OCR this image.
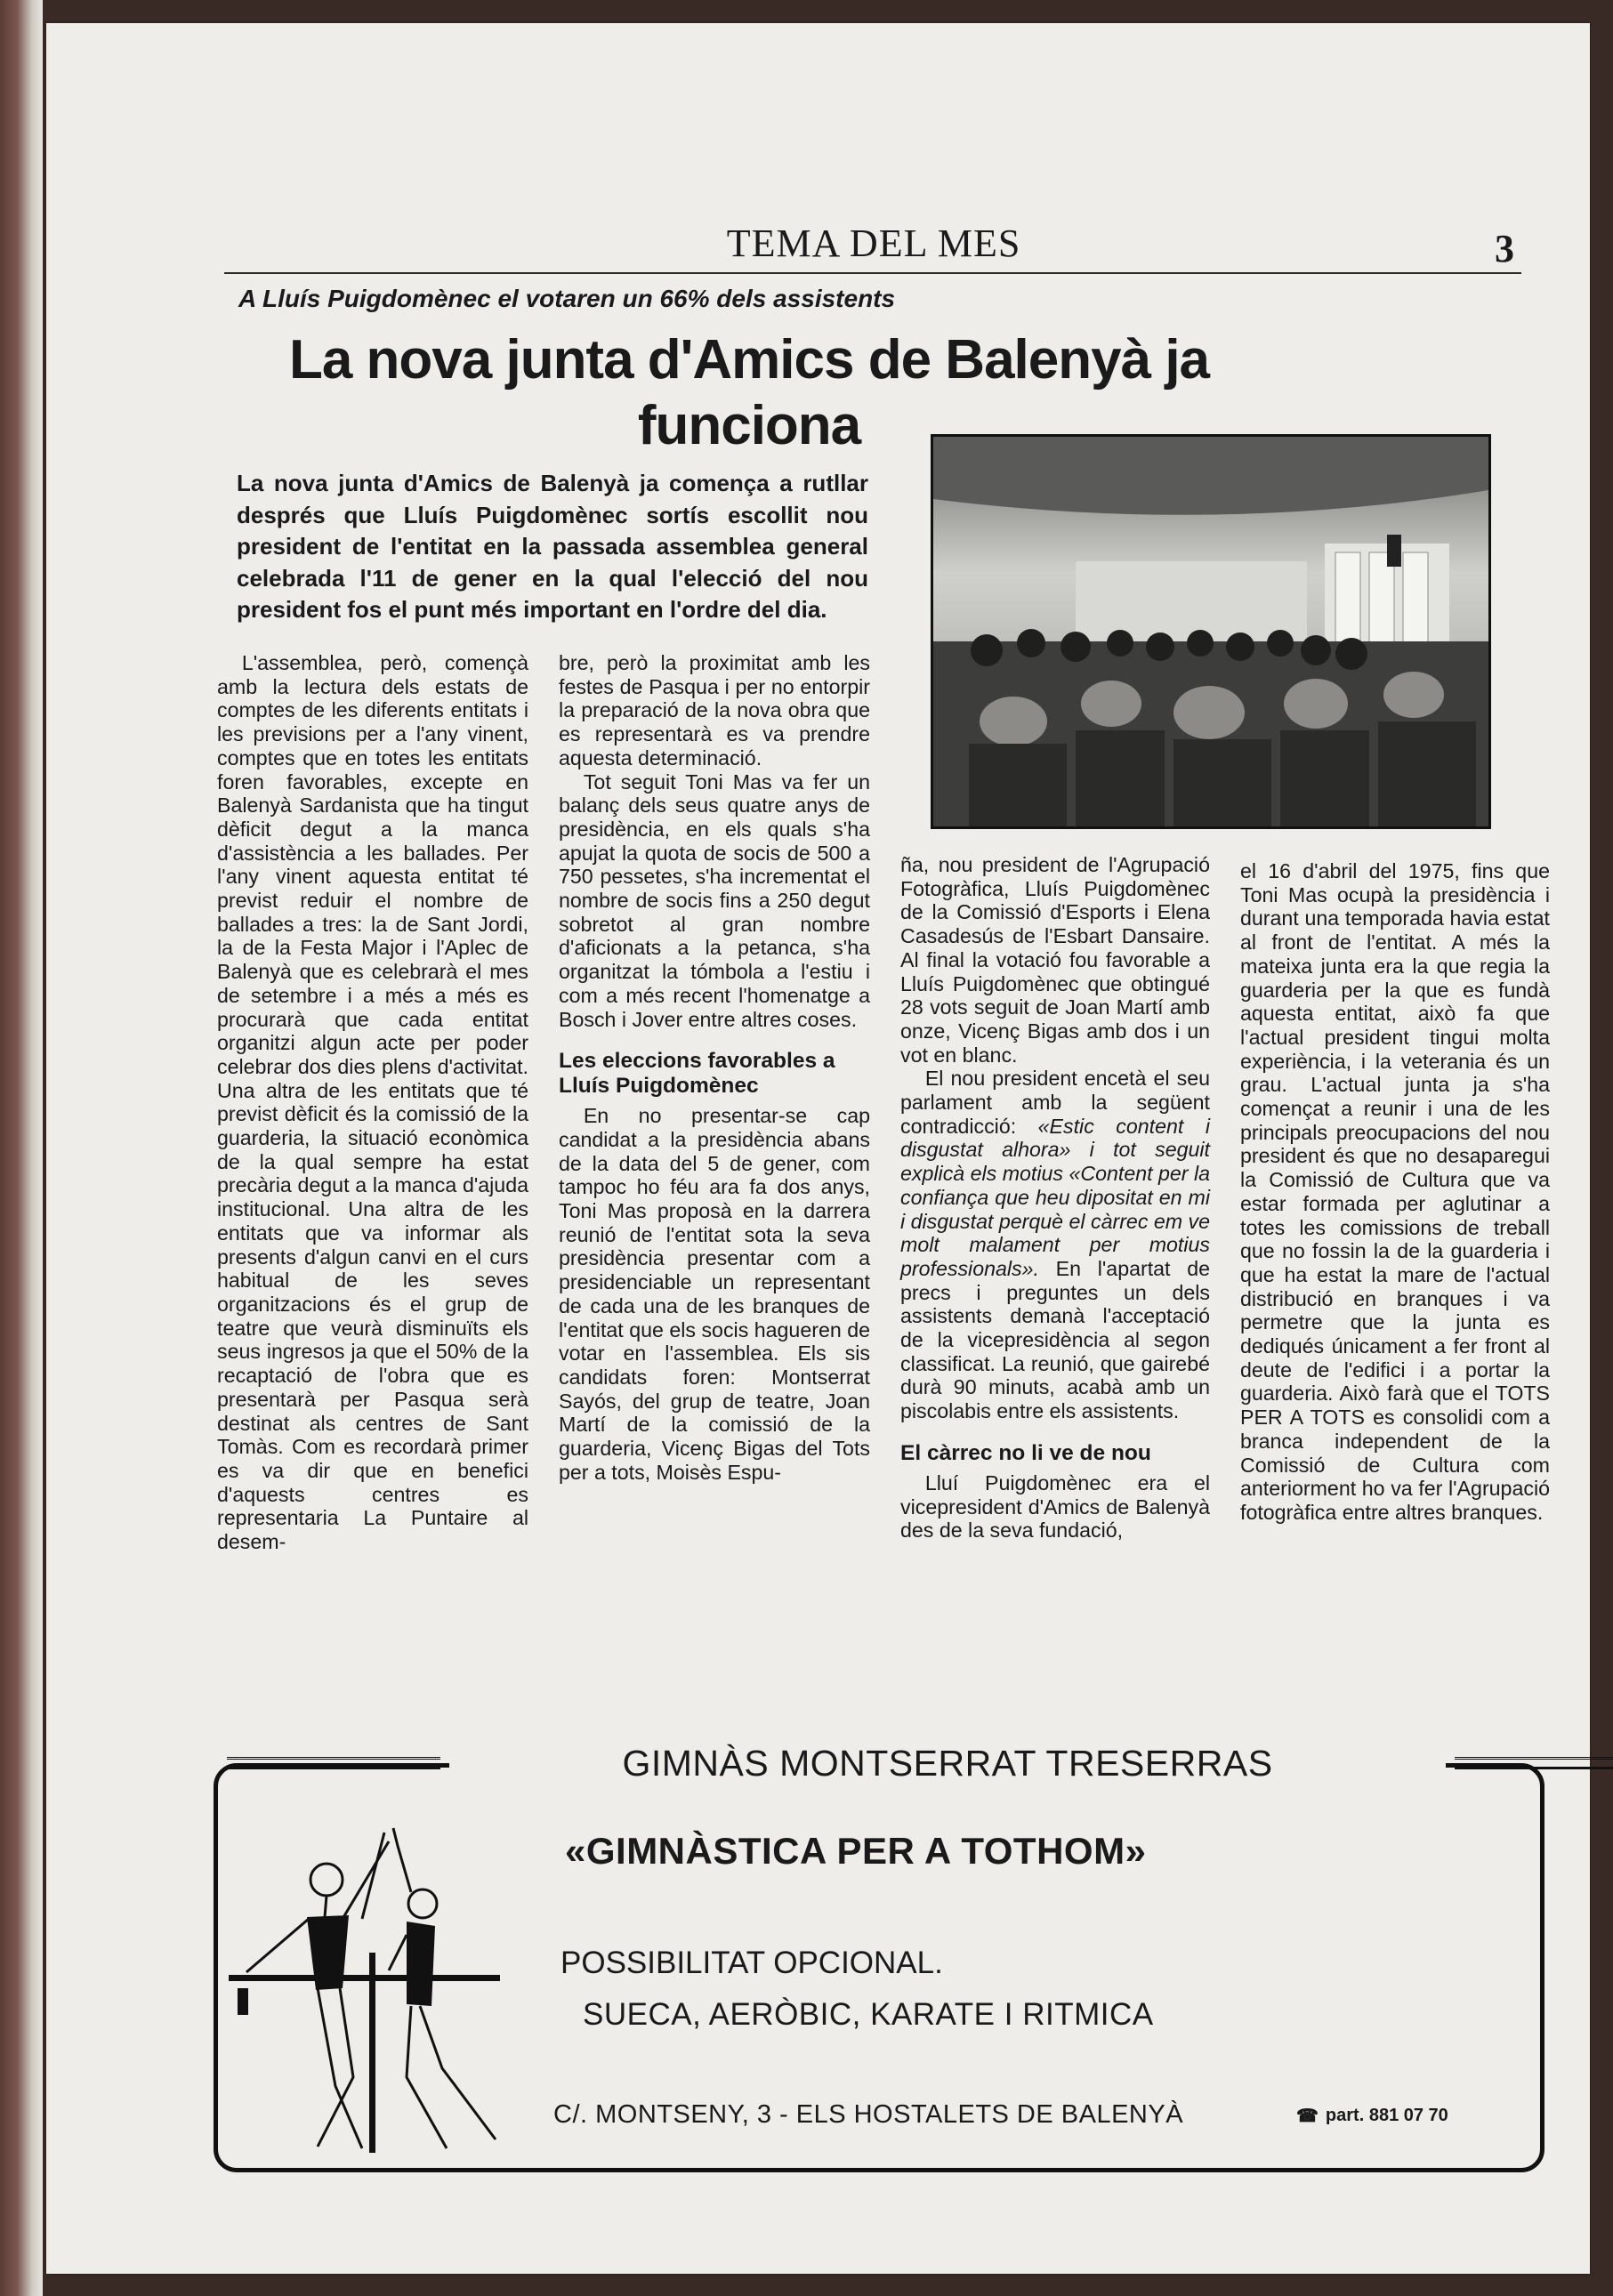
TEMA DEL MES	3
A Lluís Puigdomènec el votaren un 66% dels assistents
La nova junta d'Amics de Balenyà ja funciona
La nova junta d'Amics de Balenyà ja comença a rutllar després que Lluís Puigdomènec sortís escollit nou president de l'entitat en la passada assemblea general celebrada l'11 de gener en la qual l'elecció del nou president fos el punt més important en l'ordre del dia.

L'assemblea, però, començà amb la lectura dels estats de comptes de les diferents entitats i les previsions per a l'any vinent, comptes que en totes les entitats foren favorables, excepte en Balenyà Sardanista que ha tingut dèficit degut a la manca d'assistència a les ballades. Per l'any vinent aquesta entitat té previst reduir el nombre de ballades a tres: la de Sant Jordi, la de la Festa Major i l'Aplec de Balenyà que es celebrarà el mes de setembre i a més a més es procurarà que cada entitat organitzi algun acte per poder celebrar dos dies plens d'activitat. Una altra de les entitats que té previst dèficit és la comissió de la guarderia, la situació econòmica de la qual sempre ha estat precària degut a la manca d'ajuda institucional. Una altra de les entitats que va informar als presents d'algun canvi en el curs habitual de les seves organitzacions és el grup de teatre que veurà disminuïts els seus ingresos ja que el 50% de la recaptació de l'obra que es presentarà per Pasqua serà destinat als centres de Sant Tomàs. Com es recordarà primer es va dir que en benefici d'aquests centres es representaria La Puntaire al desem-

bre, però la proximitat amb les festes de Pasqua i per no entorpir la preparació de la nova obra que es representarà es va prendre aquesta determinació.

Tot seguit Toni Mas va fer un balanç dels seus quatre anys de presidència, en els quals s'ha apujat la quota de socis de 500 a 750 pessetes, s'ha incrementat el nombre de socis fins a 250 degut sobretot al gran nombre d'aficionats a la petanca, s'ha organitzat la tómbola a l'estiu i com a més recent l'homenatge a Bosch i Jover entre altres coses.

Les eleccions favorables a Lluís Puigdomènec

En no presentar-se cap candidat a la presidència abans de la data del 5 de gener, com tampoc ho féu ara fa dos anys, Toni Mas proposà en la darrera reunió de l'entitat sota la seva presidència presentar com a presidenciable un representant de cada una de les branques de l'entitat que els socis hagueren de votar en l'assemblea. Els sis candidats foren: Montserrat Sayós, del grup de teatre, Joan Martí de la comissió de la guarderia, Vicenç Bigas del Tots per a tots, Moisès Espu-

ña, nou president de l'Agrupació Fotogràfica, Lluís Puigdomènec de la Comissió d'Esports i Elena Casadesús de l'Esbart Dansaire. Al final la votació fou favorable a Lluís Puigdomènec que obtingué 28 vots seguit de Joan Martí amb onze, Vicenç Bigas amb dos i un vot en blanc.

El nou president encetà el seu parlament amb la següent contradicció: «Estic content i disgustat alhora» i tot seguit explicà els motius «Content per la confiança que heu dipositat en mi i disgustat perquè el càrrec em ve molt malament per motius professionals». En l'apartat de precs i preguntes un dels assistents demanà l'acceptació de la vicepresidència al segon classificat. La reunió, que gairebé durà 90 minuts, acabà amb un piscolabis entre els assistents.

El càrrec no li ve de nou

Lluí Puigdomènec era el vicepresident d'Amics de Balenyà des de la seva fundació,

el 16 d'abril del 1975, fins que Toni Mas ocupà la presidència i durant una temporada havia estat al front de l'entitat. A més la mateixa junta era la que regia la guarderia per la que es fundà aquesta entitat, això fa que l'actual president tingui molta experiència, i la veterania és un grau. L'actual junta ja s'ha començat a reunir i una de les principals preocupacions del nou president és que no desaparegui la Comissió de Cultura que va estar formada per aglutinar a totes les comissions de treball que no fossin la de la guarderia i que ha estat la mare de l'actual distribució en branques i va permetre que la junta es dediqués únicament a fer front al deute de l'edifici i a portar la guarderia. Això farà que el TOTS PER A TOTS es consolidi com a branca independent de la Comissió de Cultura com anteriorment ho va fer l'Agrupació fotogràfica entre altres branques.

GIMNÀS MONTSERRAT TRESERRAS
«GIMNÀSTICA PER A TOTHOM»
POSSIBILITAT OPCIONAL.
SUECA, AERÒBIC, KARATE I RITMICA
C/. MONTSENY, 3 - ELS HOSTALETS DE BALENYÀ	☎ part. 881 07 70
